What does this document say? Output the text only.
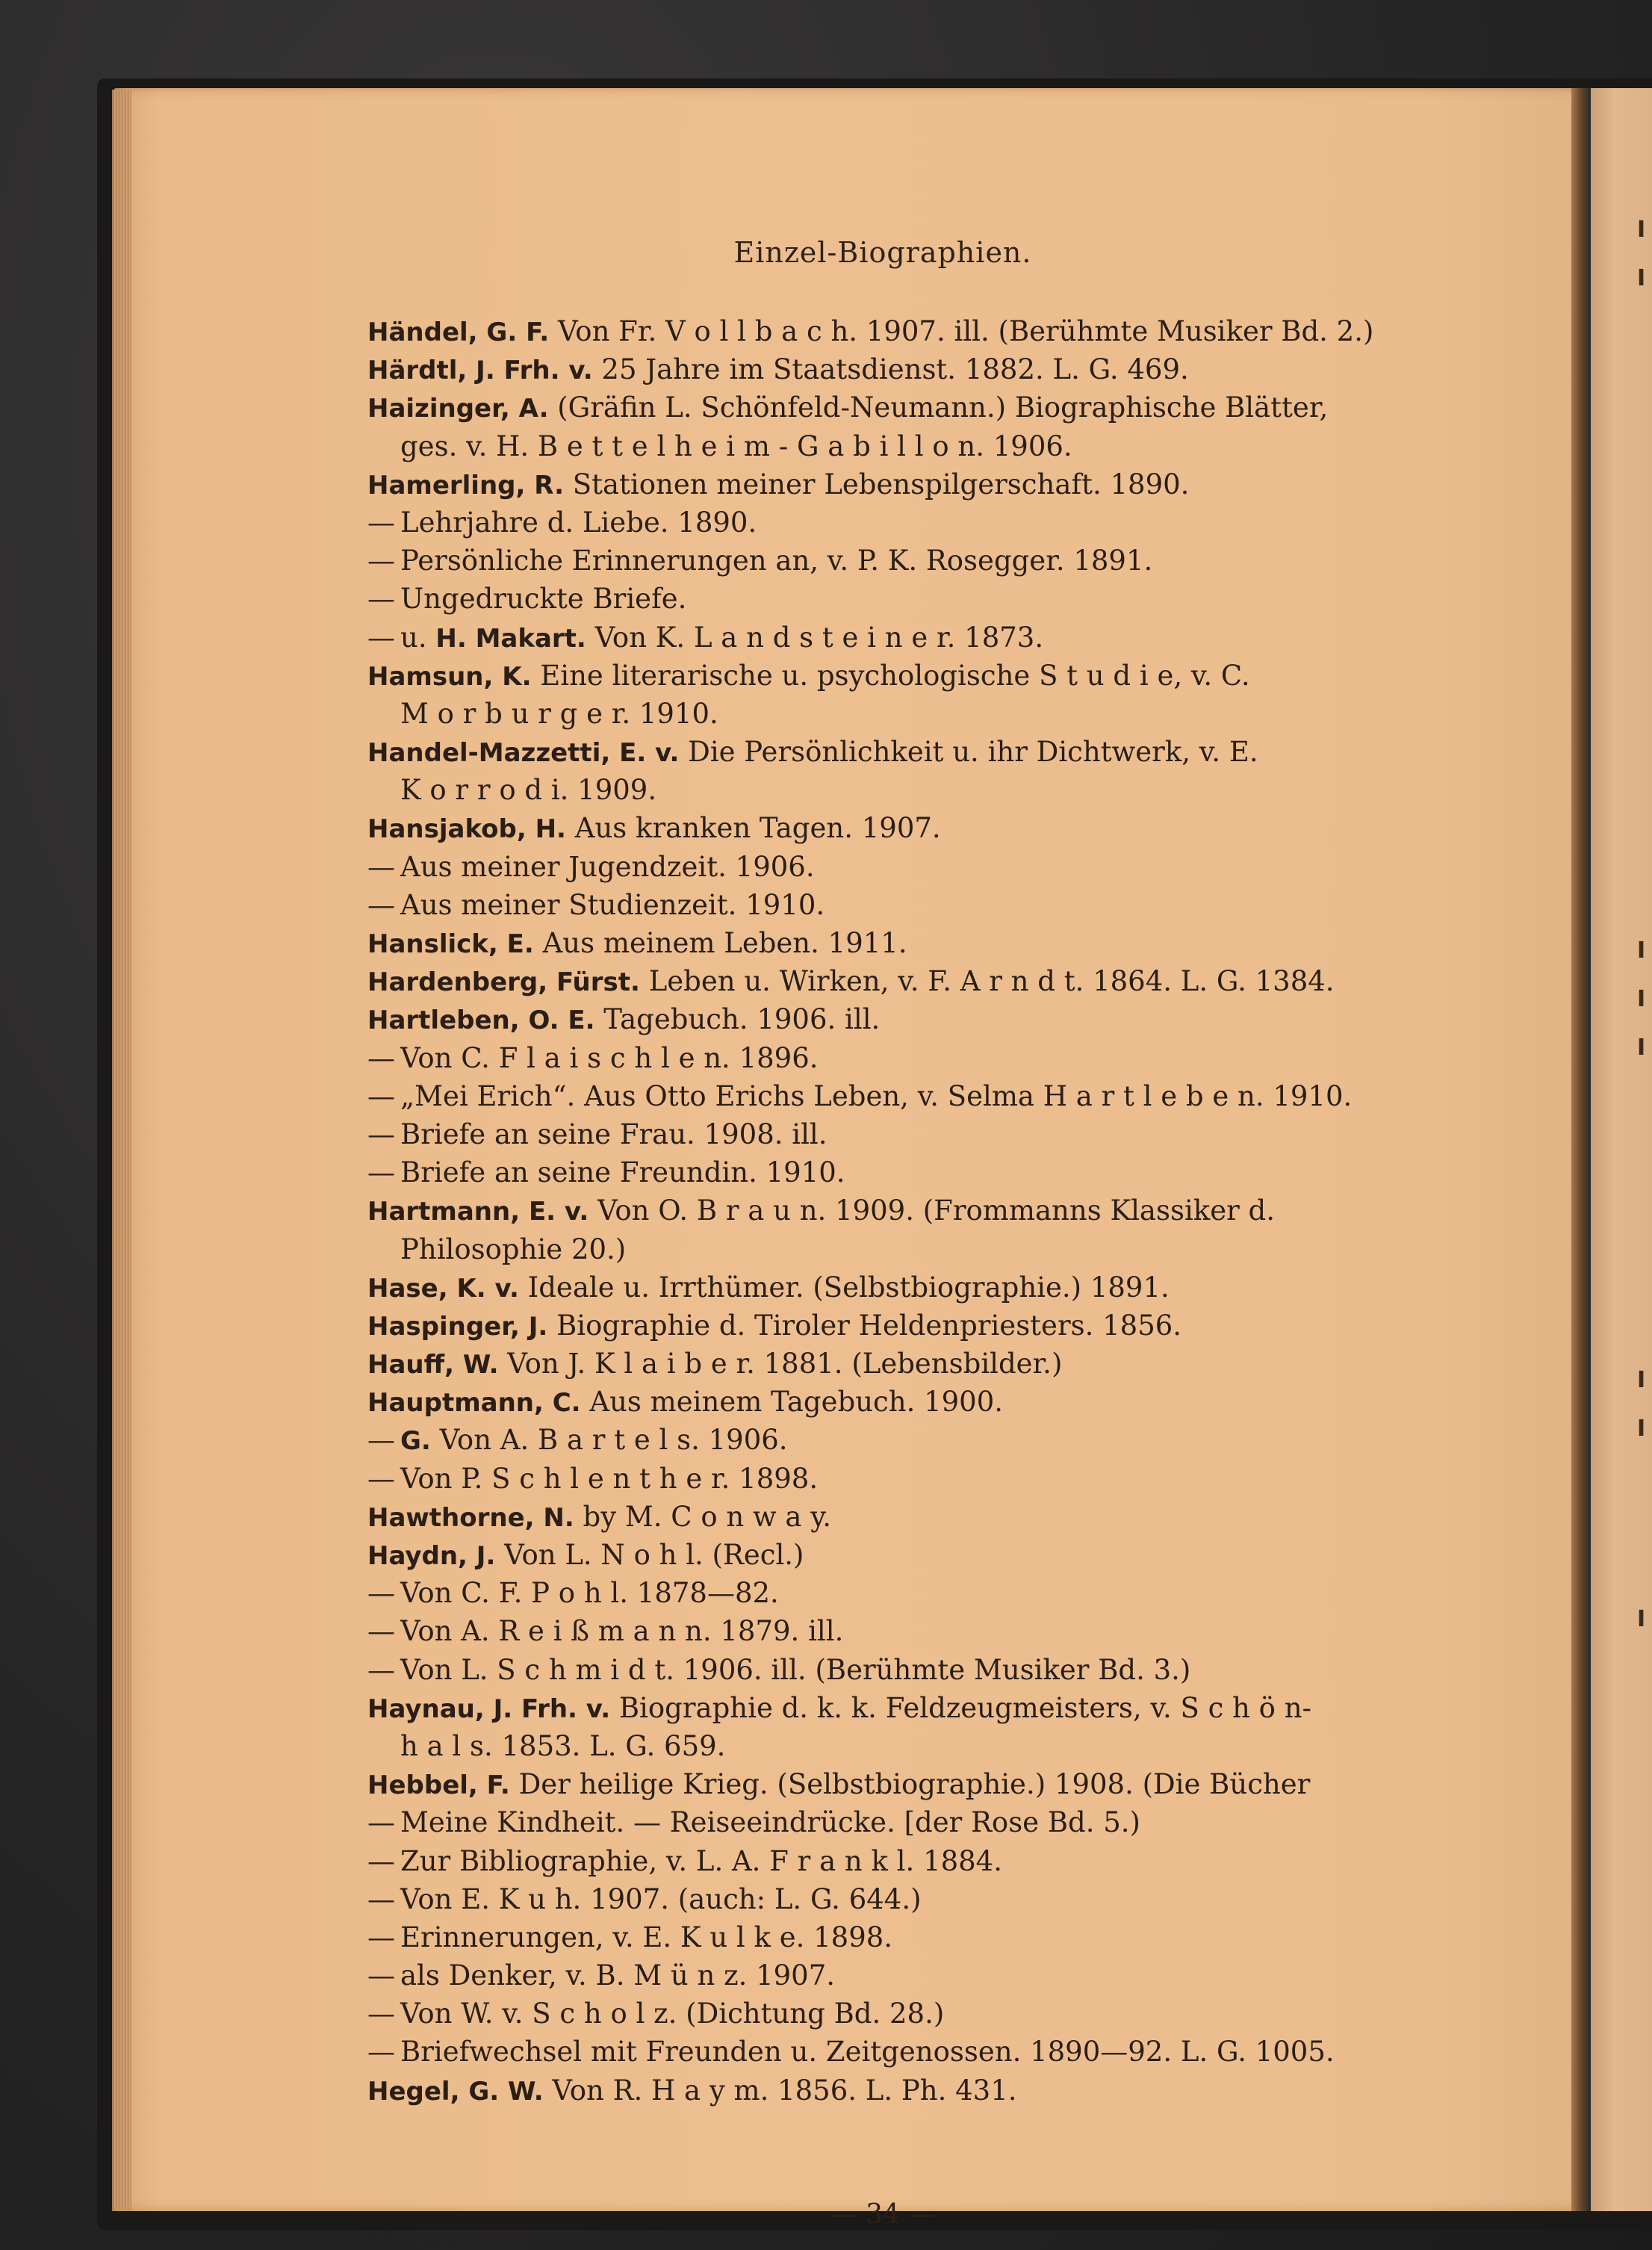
Einzel-Biographien.
Händel, G. F. Von Fr. V o l l b a c h. 1907. ill. (Berühmte Musiker Bd. 2.)
Härdtl, J. Frh. v. 25 Jahre im Staatsdienst. 1882. L. G. 469.
Haizinger, A. (Gräfin L. Schönfeld-Neumann.) Biographische Blätter,
ges. v. H. B e t t e l h e i m - G a b i l l o n. 1906.
Hamerling, R. Stationen meiner Lebenspilgerschaft. 1890.
— Lehrjahre d. Liebe. 1890.
— Persönliche Erinnerungen an, v. P. K. Rosegger. 1891.
— Ungedruckte Briefe.
— u. H. Makart. Von K. L a n d s t e i n e r. 1873.
Hamsun, K. Eine literarische u. psychologische S t u d i e, v. C.
M o r b u r g e r. 1910.
Handel-Mazzetti, E. v. Die Persönlichkeit u. ihr Dichtwerk, v. E.
K o r r o d i. 1909.
Hansjakob, H. Aus kranken Tagen. 1907.
— Aus meiner Jugendzeit. 1906.
— Aus meiner Studienzeit. 1910.
Hanslick, E. Aus meinem Leben. 1911.
Hardenberg, Fürst. Leben u. Wirken, v. F. A r n d t. 1864. L. G. 1384.
Hartleben, O. E. Tagebuch. 1906. ill.
— Von C. F l a i s c h l e n. 1896.
— „Mei Erich“. Aus Otto Erichs Leben, v. Selma H a r t l e b e n. 1910.
— Briefe an seine Frau. 1908. ill.
— Briefe an seine Freundin. 1910.
Hartmann, E. v. Von O. B r a u n. 1909. (Frommanns Klassiker d.
Philosophie 20.)
Hase, K. v. Ideale u. Irrthümer. (Selbstbiographie.) 1891.
Haspinger, J. Biographie d. Tiroler Heldenpriesters. 1856.
Hauff, W. Von J. K l a i b e r. 1881. (Lebensbilder.)
Hauptmann, C. Aus meinem Tagebuch. 1900.
— G. Von A. B a r t e l s. 1906.
— Von P. S c h l e n t h e r. 1898.
Hawthorne, N. by M. C o n w a y.
Haydn, J. Von L. N o h l. (Recl.)
— Von C. F. P o h l. 1878—82.
— Von A. R e i ß m a n n. 1879. ill.
— Von L. S c h m i d t. 1906. ill. (Berühmte Musiker Bd. 3.)
Haynau, J. Frh. v. Biographie d. k. k. Feldzeugmeisters, v. S c h ö n-
h a l s. 1853. L. G. 659.
Hebbel, F. Der heilige Krieg. (Selbstbiographie.) 1908. (Die Bücher
— Meine Kindheit. — Reiseeindrücke. [der Rose Bd. 5.)
— Zur Bibliographie, v. L. A. F r a n k l. 1884.
— Von E. K u h. 1907. (auch: L. G. 644.)
— Erinnerungen, v. E. K u l k e. 1898.
— als Denker, v. B. M ü n z. 1907.
— Von W. v. S c h o l z. (Dichtung Bd. 28.)
— Briefwechsel mit Freunden u. Zeitgenossen. 1890—92. L. G. 1005.
Hegel, G. W. Von R. H a y m. 1856. L. Ph. 431.
— 34 —
I
I
I
I
I
I
I
I
